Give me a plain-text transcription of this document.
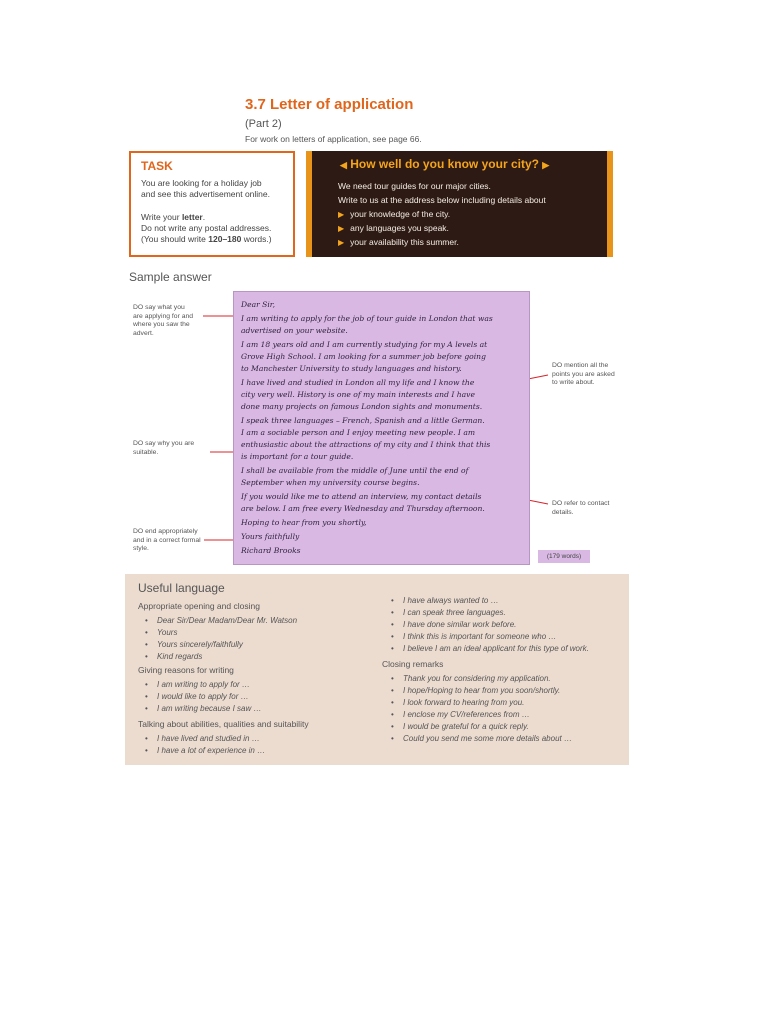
3.7 Letter of application
(Part 2)
For work on letters of application, see page 66.
TASK
You are looking for a holiday job
and see this advertisement online.
Write your letter.
Do not write any postal addresses.
(You should write 120–180 words.)
◀ How well do you know your city? ▶
We need tour guides for our major cities.
Write to us at the address below including details about
▶ your knowledge of the city.
▶ any languages you speak.
▶ your availability this summer.
Sample answer
DO say what you
are applying for and
where you saw the
advert.
DO say why you are
suitable.
DO end appropriately
and in a correct formal
style.
DO mention all the
points you are asked
to write about.
DO refer to contact
details.
Dear Sir,
I am writing to apply for the job of tour guide in London that was
advertised on your website.
I am 18 years old and I am currently studying for my A levels at
Grove High School. I am looking for a summer job before going
to Manchester University to study languages and history.
I have lived and studied in London all my life and I know the
city very well. History is one of my main interests and I have
done many projects on famous London sights and monuments.
I speak three languages – French, Spanish and a little German.
I am a sociable person and I enjoy meeting new people. I am
enthusiastic about the attractions of my city and I think that this
is important for a tour guide.
I shall be available from the middle of June until the end of
September when my university course begins.
If you would like me to attend an interview, my contact details
are below. I am free every Wednesday and Thursday afternoon.
Hoping to hear from you shortly,
Yours faithfully
Richard Brooks
(179 words)
Useful language
Appropriate opening and closing
• Dear Sir/Dear Madam/Dear Mr. Watson
• Yours
• Yours sincerely/faithfully
• Kind regards
Giving reasons for writing
• I am writing to apply for …
• I would like to apply for …
• I am writing because I saw …
Talking about abilities, qualities and suitability
• I have lived and studied in …
• I have a lot of experience in …
• I have always wanted to …
• I can speak three languages.
• I have done similar work before.
• I think this is important for someone who …
• I believe I am an ideal applicant for this type of work.
Closing remarks
• Thank you for considering my application.
• I hope/Hoping to hear from you soon/shortly.
• I look forward to hearing from you.
• I enclose my CV/references from …
• I would be grateful for a quick reply.
• Could you send me some more details about …
